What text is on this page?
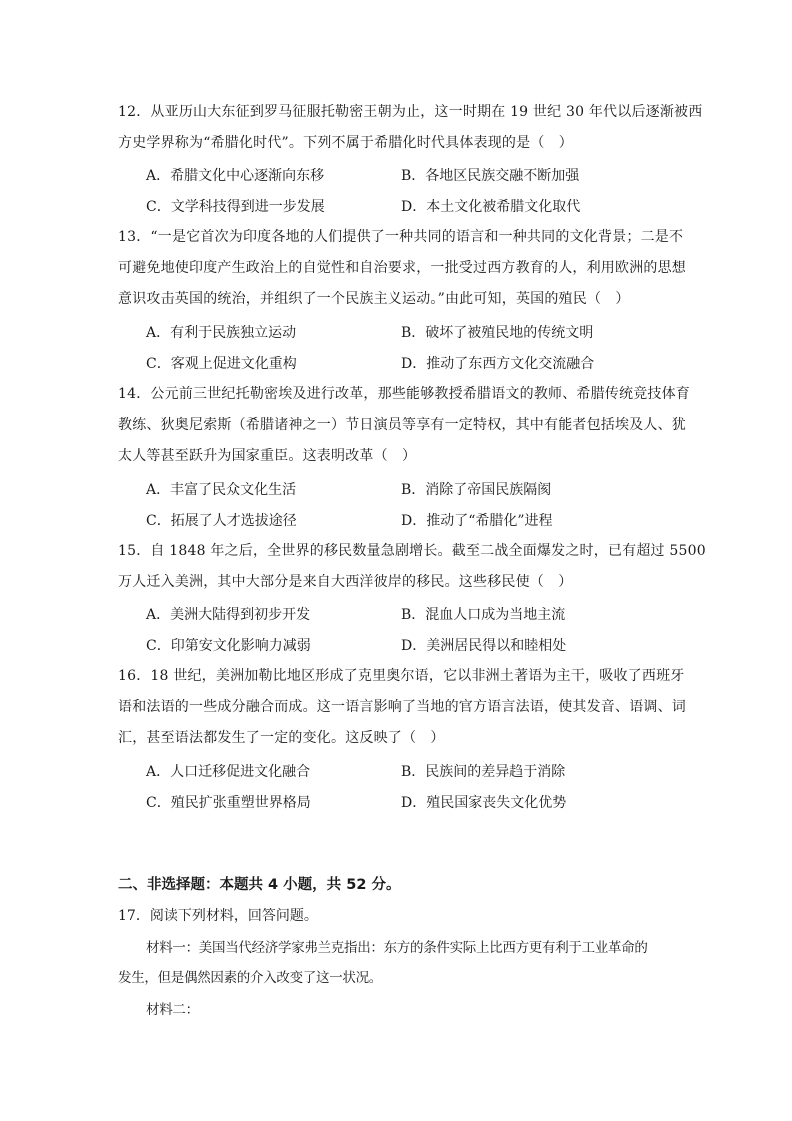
12．从亚历山大东征到罗马征服托勒密王朝为止，这一时期在 19 世纪 30 年代以后逐渐被西
方史学界称为“希腊化时代”。下列不属于希腊化时代具体表现的是（　）
A．希腊文化中心逐渐向东移	B．各地区民族交融不断加强
C．文学科技得到进一步发展	D．本土文化被希腊文化取代
13．“一是它首次为印度各地的人们提供了一种共同的语言和一种共同的文化背景；二是不
可避免地使印度产生政治上的自觉性和自治要求，一批受过西方教育的人，利用欧洲的思想
意识攻击英国的统治，并组织了一个民族主义运动。”由此可知，英国的殖民（　）
A．有利于民族独立运动	B．破坏了被殖民地的传统文明
C．客观上促进文化重构	D．推动了东西方文化交流融合
14．公元前三世纪托勒密埃及进行改革，那些能够教授希腊语文的教师、希腊传统竞技体育
教练、狄奥尼索斯（希腊诸神之一）节日演员等享有一定特权，其中有能者包括埃及人、犹
太人等甚至跃升为国家重臣。这表明改革（　）
A．丰富了民众文化生活	B．消除了帝国民族隔阂
C．拓展了人才选拔途径	D．推动了“希腊化”进程
15．自 1848 年之后，全世界的移民数量急剧增长。截至二战全面爆发之时，已有超过 5500
万人迁入美洲，其中大部分是来自大西洋彼岸的移民。这些移民使（　）
A．美洲大陆得到初步开发	B．混血人口成为当地主流
C．印第安文化影响力减弱	D．美洲居民得以和睦相处
16．18 世纪，美洲加勒比地区形成了克里奥尔语，它以非洲土著语为主干，吸收了西班牙
语和法语的一些成分融合而成。这一语言影响了当地的官方语言法语，使其发音、语调、词
汇，甚至语法都发生了一定的变化。这反映了（　）
A．人口迁移促进文化融合	B．民族间的差异趋于消除
C．殖民扩张重塑世界格局	D．殖民国家丧失文化优势
二、非选择题：本题共 4 小题，共 52 分。
17．阅读下列材料，回答问题。
材料一：美国当代经济学家弗兰克指出：东方的条件实际上比西方更有利于工业革命的
发生，但是偶然因素的介入改变了这一状况。
材料二：
